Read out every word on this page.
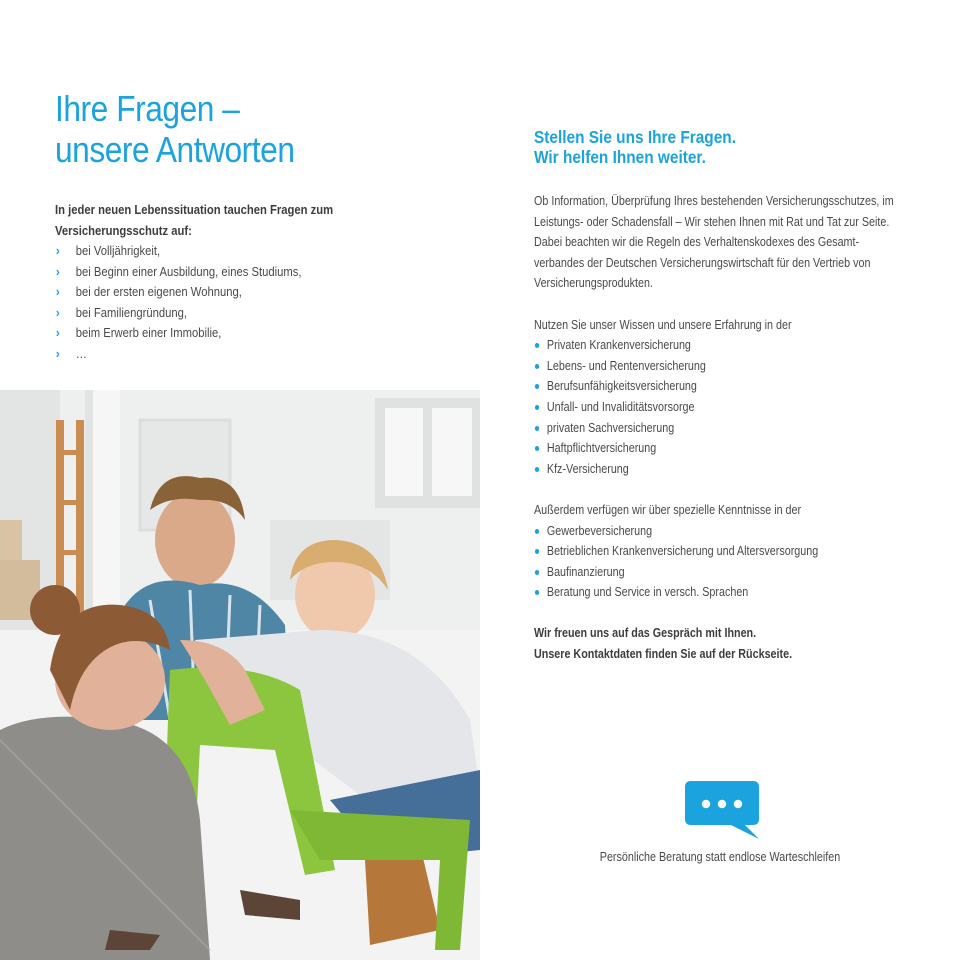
Ihre Fragen –
unsere Antworten

In jeder neuen Lebenssituation tauchen Fragen zum Versicherungsschutz auf:

› bei Volljährigkeit,
› bei Beginn einer Ausbildung, eines Studiums,
› bei der ersten eigenen Wohnung,
› bei Familiengründung,
› beim Erwerb einer Immobilie,
› …
Stellen Sie uns Ihre Fragen.
Wir helfen Ihnen weiter.

Ob Information, Überprüfung Ihres bestehenden Versicherungsschutzes, im Leistungs- oder Schadensfall – Wir stehen Ihnen mit Rat und Tat zur Seite. Dabei beachten wir die Regeln des Verhaltenskodexes des Gesamt-verbandes der Deutschen Versicherungswirtschaft für den Vertrieb von Versicherungsprodukten.

Nutzen Sie unser Wissen und unsere Erfahrung in der

Privaten Krankenversicherung
Lebens- und Rentenversicherung
Berufsunfähigkeitsversicherung
Unfall- und Invaliditätsvorsorge
privaten Sachversicherung
Haftpflichtversicherung
Kfz-Versicherung

Außerdem verfügen wir über spezielle Kenntnisse in der

Gewerbeversicherung
Betrieblichen Krankenversicherung und Altersversorgung
Baufinanzierung
Beratung und Service in versch. Sprachen

Wir freuen uns auf das Gespräch mit Ihnen.
Unsere Kontaktdaten finden Sie auf der Rückseite.

Persönliche Beratung statt endlose Warteschleifen
